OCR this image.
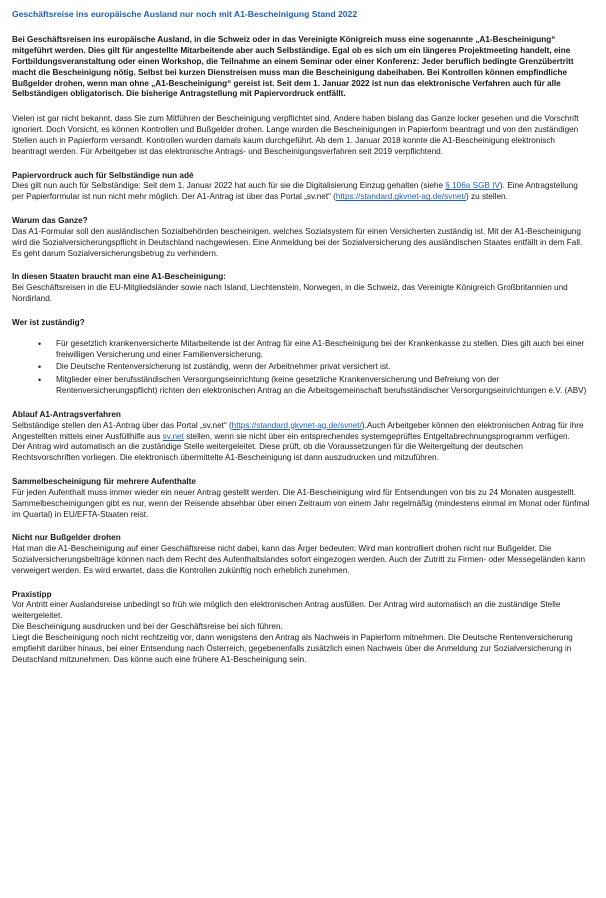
Geschäftsreise ins europäische Ausland nur noch mit A1-Bescheinigung Stand 2022

Bei Geschäftsreisen ins europäische Ausland, in die Schweiz oder in das Vereinigte Königreich muss eine sogenannte „A1-Bescheinigung“ mitgeführt werden. Dies gilt für angestellte Mitarbeitende aber auch Selbständige. Egal ob es sich um ein längeres Projektmeeting handelt, eine Fortbildungsveranstaltung oder einen Workshop, die Teilnahme an einem Seminar oder einer Konferenz: Jeder beruflich bedingte Grenzübertritt macht die Bescheinigung nötig. Selbst bei kurzen Dienstreisen muss man die Bescheinigung dabeihaben. Bei Kontrollen können empfindliche Bußgelder drohen, wenn man ohne „A1-Bescheinigung“ gereist ist. Seit dem 1. Januar 2022 ist nun das elektronische Verfahren auch für alle Selbständigen obligatorisch. Die bisherige Antragstellung mit Papiervordruck entfällt.

Vielen ist gar nicht bekannt, dass Sie zum Mitführen der Bescheinigung verpflichtet sind. Andere haben bislang das Ganze locker gesehen und die Vorschrift ignoriert. Doch Vorsicht, es können Kontrollen und Bußgelder drohen. Lange wurden die Bescheinigungen in Papierform beantragt und von den zuständigen Stellen auch in Papierform versandt. Kontrollen wurden damals kaum durchgeführt. Ab dem 1. Januar 2018 konnte die A1-Bescheinigung elektronisch beantragt werden. Für Arbeitgeber ist das elektronische Antrags- und Bescheinigungsverfahren seit 2019 verpflichtend.

Papiervordruck auch für Selbständige nun adé

Dies gilt nun auch für Selbständige: Seit dem 1. Januar 2022 hat auch für sie die Digitalisierung Einzug gehalten (siehe § 106a SGB IV). Eine Antragstellung per Papierformular ist nun nicht mehr möglich. Der A1-Antrag ist über das Portal „sv.net“ (https://standard.gkvnet-ag.de/svnet/) zu stellen.

Warum das Ganze?

Das A1-Formular soll den ausländischen Sozialbehörden bescheinigen, welches Sozialsystem für einen Versicherten zuständig ist. Mit der A1-Bescheinigung wird die Sozialversicherungspflicht in Deutschland nachgewiesen. Eine Anmeldung bei der Sozialversicherung des ausländischen Staates entfällt in dem Fall. Es geht darum Sozialversicherungsbetrug zu verhindern.

In diesen Staaten braucht man eine A1-Bescheinigung:

Bei Geschäftsreisen in die EU-Mitgliedsländer sowie nach Island, Liechtenstein, Norwegen, in die Schweiz, das Vereinigte Königreich Großbritannien und Nordirland.

Wer ist zuständig?

• Für gesetzlich krankenversicherte Mitarbeitende ist der Antrag für eine A1-Bescheinigung bei der Krankenkasse zu stellen. Dies gilt auch bei einer freiwilligen Versicherung und einer Familienversicherung.
• Die Deutsche Rentenversicherung ist zuständig, wenn der Arbeitnehmer privat versichert ist.
• Mitglieder einer berufsständischen Versorgungseinrichtung (keine gesetzliche Krankenversicherung und Befreiung von der Rentenversicherungspflicht) richten den elektronischen Antrag an die Arbeitsgemeinschaft berufsständischer Versorgungseinrichtungen e.V. (ABV)

Ablauf A1-Antragsverfahren

Selbständige stellen den A1-Antrag über das Portal „sv.net“ (https://standard.gkvnet-ag.de/svnet/).Auch Arbeitgeber können den elektronischen Antrag für ihre Angestellten mittels einer Ausfüllhilfe aus sv.net stellen, wenn sie nicht über ein entsprechendes systemgeprüftes Entgeltabrechnungsprogramm verfügen.

Der Antrag wird automatisch an die zuständige Stelle weitergeleitet. Diese prüft, ob die Voraussetzungen für die Weitergeltung der deutschen Rechtsvorschriften vorliegen. Die elektronisch übermittelte A1-Bescheinigung ist dann auszudrucken und mitzuführen.

Sammelbescheinigung für mehrere Aufenthalte

Für jeden Aufenthalt muss immer wieder ein neuer Antrag gestellt werden. Die A1-Bescheinigung wird für Entsendungen von bis zu 24 Monaten ausgestellt. Sammelbescheinigungen gibt es nur, wenn der Reisende absehbar über einen Zeitraum von einem Jahr regelmäßig (mindestens einmal im Monat oder fünfmal im Quartal) in EU/EFTA-Staaten reist.

Nicht nur Bußgelder drohen

Hat man die A1-Bescheinigung auf einer Geschäftsreise nicht dabei, kann das Ärger bedeuten: Wird man kontrolliert drohen nicht nur Bußgelder. Die Sozialversicherungsbeiträge können nach dem Recht des Aufenthaltslandes sofort eingezogen werden. Auch der Zutritt zu Firmen- oder Messegeländen kann verweigert werden. Es wird erwartet, dass die Kontrollen zukünftig noch erheblich zunehmen.

Praxistipp

Vor Antritt einer Auslandsreise unbedingt so früh wie möglich den elektronischen Antrag ausfüllen. Der Antrag wird automatisch an die zuständige Stelle weitergeleitet.

Die Bescheinigung ausdrucken und bei der Geschäftsreise bei sich führen.

Liegt die Bescheinigung noch nicht rechtzeitig vor, dann wenigstens den Antrag als Nachweis in Papierform mitnehmen. Die Deutsche Rentenversicherung empfiehlt darüber hinaus, bei einer Entsendung nach Österreich, gegebenenfalls zusätzlich einen Nachweis über die Anmeldung zur Sozialversicherung in Deutschland mitzunehmen. Das könne auch eine frühere A1-Bescheinigung sein.
